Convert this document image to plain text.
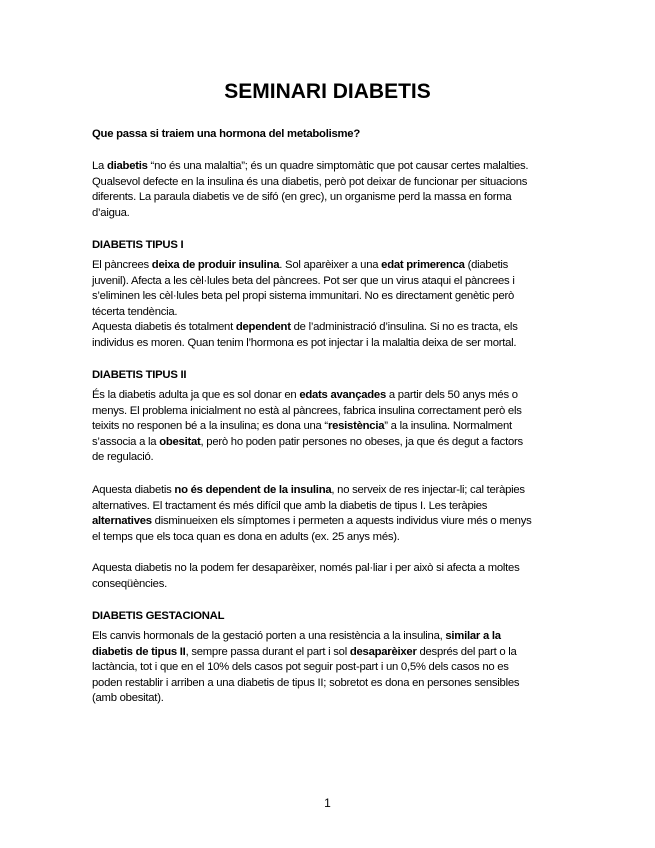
SEMINARI DIABETIS
Que passa si traiem una hormona del metabolisme?
La diabetis “no és una malaltia”; és un quadre simptomàtic que pot causar certes malalties.
Qualsevol defecte en la insulina és una diabetis, però pot deixar de funcionar per situacions
diferents. La paraula diabetis ve de sifó (en grec), un organisme perd la massa en forma
d’aigua.
DIABETIS TIPUS I
El pàncrees deixa de produir insulina. Sol aparèixer a una edat primerenca (diabetis
juvenil). Afecta a les cèl·lules beta del pàncrees. Pot ser que un virus ataqui el pàncrees i
s’eliminen les cèl·lules beta pel propi sistema immunitari. No es directament genètic però
técerta tendència.
Aquesta diabetis és totalment dependent de l’administració d’insulina. Si no es tracta, els
individus es moren. Quan tenim l’hormona es pot injectar i la malaltia deixa de ser mortal.
DIABETIS TIPUS II
És la diabetis adulta ja que es sol donar en edats avançades a partir dels 50 anys més o
menys. El problema inicialment no està al pàncrees, fabrica insulina correctament però els
teixits no responen bé a la insulina; es dona una “resistència” a la insulina. Normalment
s’associa a la obesitat, però ho poden patir persones no obeses, ja que és degut a factors
de regulació.
Aquesta diabetis no és dependent de la insulina, no serveix de res injectar-li; cal teràpies
alternatives. El tractament és més difícil que amb la diabetis de tipus I. Les teràpies
alternatives disminueixen els símptomes i permeten a aquests individus viure més o menys
el temps que els toca quan es dona en adults (ex. 25 anys més).
Aquesta diabetis no la podem fer desaparèixer, només pal·liar i per això si afecta a moltes
conseqüències.
DIABETIS GESTACIONAL
Els canvis hormonals de la gestació porten a una resistència a la insulina, similar a la
diabetis de tipus II, sempre passa durant el part i sol desaparèixer després del part o la
lactància, tot i que en el 10% dels casos pot seguir post-part i un 0,5% dels casos no es
poden restablir i arriben a una diabetis de tipus II; sobretot es dona en persones sensibles
(amb obesitat).
1
